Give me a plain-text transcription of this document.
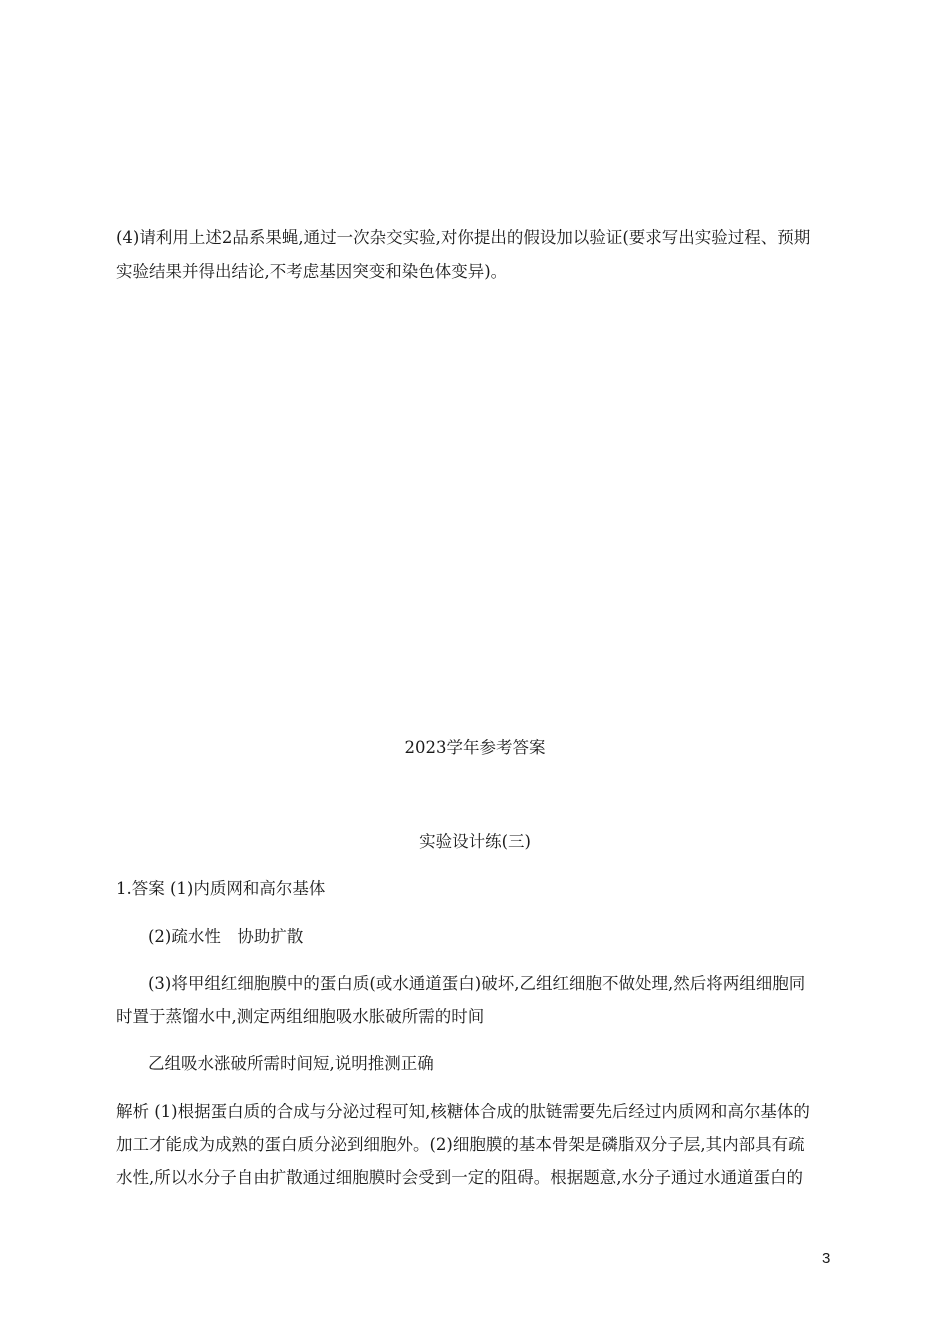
(4)请利用上述2品系果蝇,通过一次杂交实验,对你提出的假设加以验证(要求写出实验过程、预期
实验结果并得出结论,不考虑基因突变和染色体变异)。
2023学年参考答案
实验设计练(三)
1.答案 (1)内质网和高尔基体
(2)疏水性　协助扩散
(3)将甲组红细胞膜中的蛋白质(或水通道蛋白)破坏,乙组红细胞不做处理,然后将两组细胞同
时置于蒸馏水中,测定两组细胞吸水胀破所需的时间
乙组吸水涨破所需时间短,说明推测正确
解析 (1)根据蛋白质的合成与分泌过程可知,核糖体合成的肽链需要先后经过内质网和高尔基体的
加工才能成为成熟的蛋白质分泌到细胞外。(2)细胞膜的基本骨架是磷脂双分子层,其内部具有疏
水性,所以水分子自由扩散通过细胞膜时会受到一定的阻碍。根据题意,水分子通过水通道蛋白的
3
